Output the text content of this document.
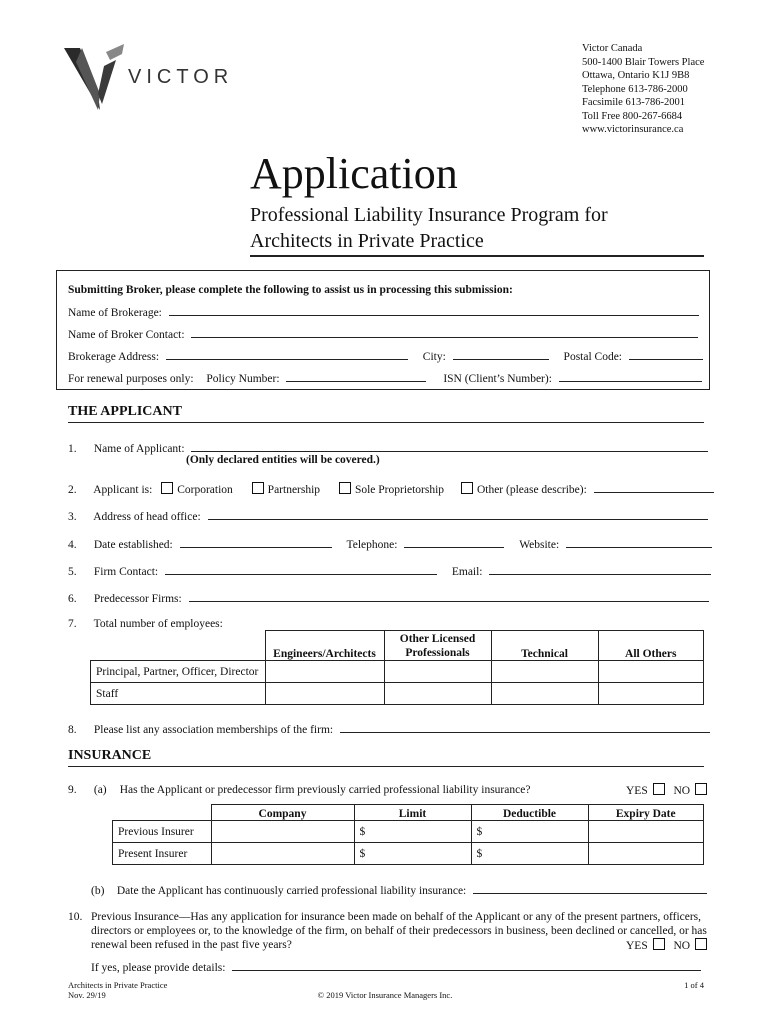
VICTOR
Victor Canada
500-1400 Blair Towers Place
Ottawa, Ontario K1J 9B8
Telephone 613-786-2000
Facsimile 613-786-2001
Toll Free 800-267-6684
www.victorinsurance.ca
Application
Professional Liability Insurance Program for
Architects in Private Practice
Submitting Broker, please complete the following to assist us in processing this submission:
Name of Brokerage:
Name of Broker Contact:
Brokerage Address:	City:	Postal Code:
For renewal purposes only: Policy Number:	ISN (Client’s Number):
THE APPLICANT
1. Name of Applicant:
(Only declared entities will be covered.)
2. Applicant is: Corporation	Partnership	Sole Proprietorship	Other (please describe):
3. Address of head office:
4. Date established:	Telephone:	Website:
5. Firm Contact:	Email:
6. Predecessor Firms:
7. Total number of employees:
	Engineers/Architects	Other Licensed
Professionals	Technical	All Others
Principal, Partner, Officer, Director				
Staff				
8. Please list any association memberships of the firm:
INSURANCE
9. (a) Has the Applicant or predecessor firm previously carried professional liability insurance?	YES NO
	Company	Limit	Deductible	Expiry Date
Previous Insurer		$	$	
Present Insurer		$	$	
(b) Date the Applicant has continuously carried professional liability insurance:
10. Previous Insurance—Has any application for insurance been made on behalf of the Applicant or any of the present partners, officers,
directors or employees or, to the knowledge of the firm, on behalf of their predecessors in business, been declined or cancelled, or has
renewal been refused in the past five years?	YES NO
If yes, please provide details:
Architects in Private Practice
Nov. 29/19	© 2019 Victor Insurance Managers Inc.
1 of 4
